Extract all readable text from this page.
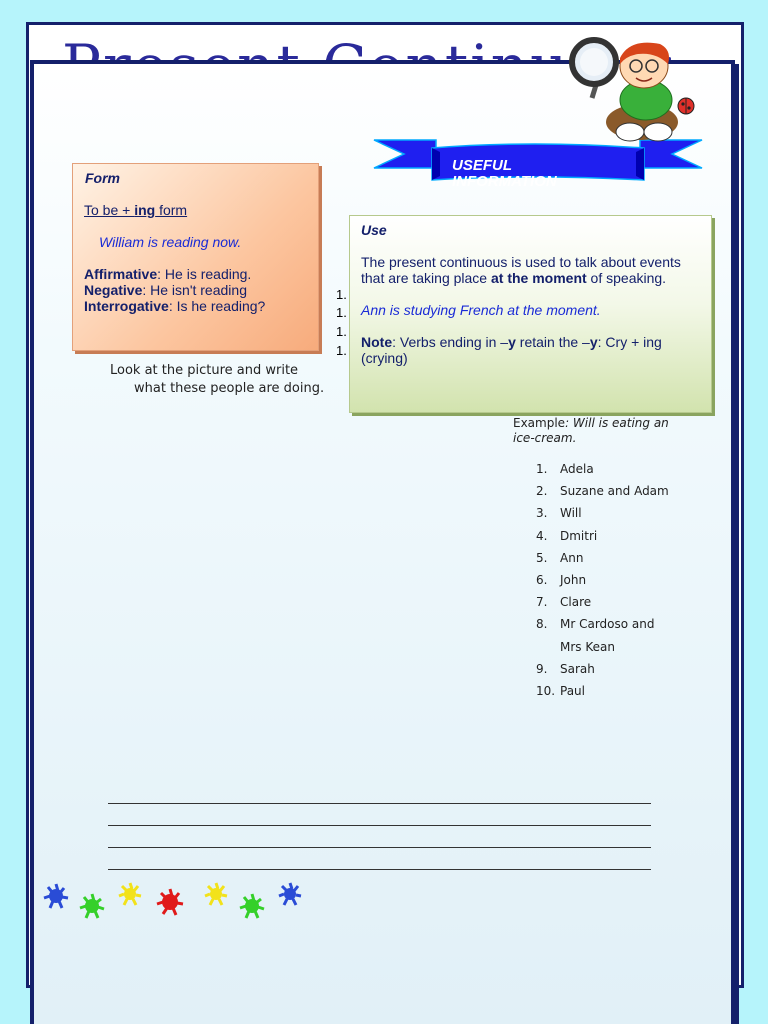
Form
To be + ing form
William is reading now.
Affirmative: He is reading.
Negative: He isn't reading
Interrogative: Is he reading?
1.
1.
1.
1.
Look at the picture and write
what these people are doing.
USEFUL INFORMATION
Use
The present continuous is used to talk about events that are taking place at the moment of speaking.
Ann is studying French at the moment.
Note: Verbs ending in –y retain the –y: Cry + ing (crying)
Example: Will is eating an ice-cream.
1. Adela
2. Suzane and Adam
3. Will
4. Dmitri
5. Ann
6. John
7. Clare
8. Mr Cardoso and Mrs Kean
9. Sarah
10. Paul
